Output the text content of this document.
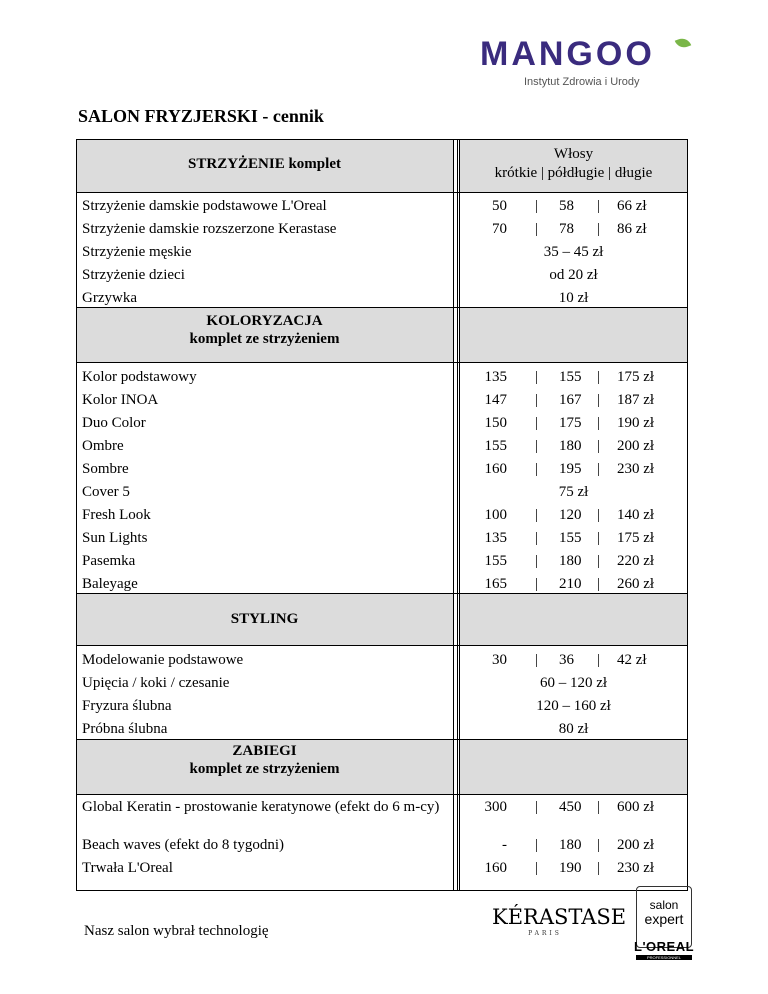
MANGOO
Instytut Zdrowia i Urody
SALON FRYZJERSKI - cennik
STRZYŻENIE komplet
Włosy
krótkie | półdługie | długie
Strzyżenie damskie podstawowe L'Oreal	50 | 58 | 66 zł
Strzyżenie damskie rozszerzone Kerastase	70 | 78 | 86 zł
Strzyżenie męskie	35 – 45 zł
Strzyżenie dzieci	od 20 zł
Grzywka	10 zł
KOLORYZACJA
komplet ze strzyżeniem
Kolor podstawowy	135 | 155 | 175 zł
Kolor INOA	147 | 167 | 187 zł
Duo Color	150 | 175 | 190 zł
Ombre	155 | 180 | 200 zł
Sombre	160 | 195 | 230 zł
Cover 5	75 zł
Fresh Look	100 | 120 | 140 zł
Sun Lights	135 | 155 | 175 zł
Pasemka	155 | 180 | 220 zł
Baleyage	165 | 210 | 260 zł
STYLING
Modelowanie podstawowe	30 | 36 | 42 zł
Upięcia / koki / czesanie	60 – 120 zł
Fryzura ślubna	120 – 160 zł
Próbna ślubna	80 zł
ZABIEGI
komplet ze strzyżeniem
Global Keratin - prostowanie keratynowe (efekt do 6 m-cy)	300 | 450 | 600 zł
Beach waves (efekt do 8 tygodni)	- | 180 | 200 zł
Trwała L'Oreal	160 | 190 | 230 zł
Nasz salon wybrał technologię
KÉRASTASE
PARIS
salon
expert
L'OREAL
PROFESSIONNEL
